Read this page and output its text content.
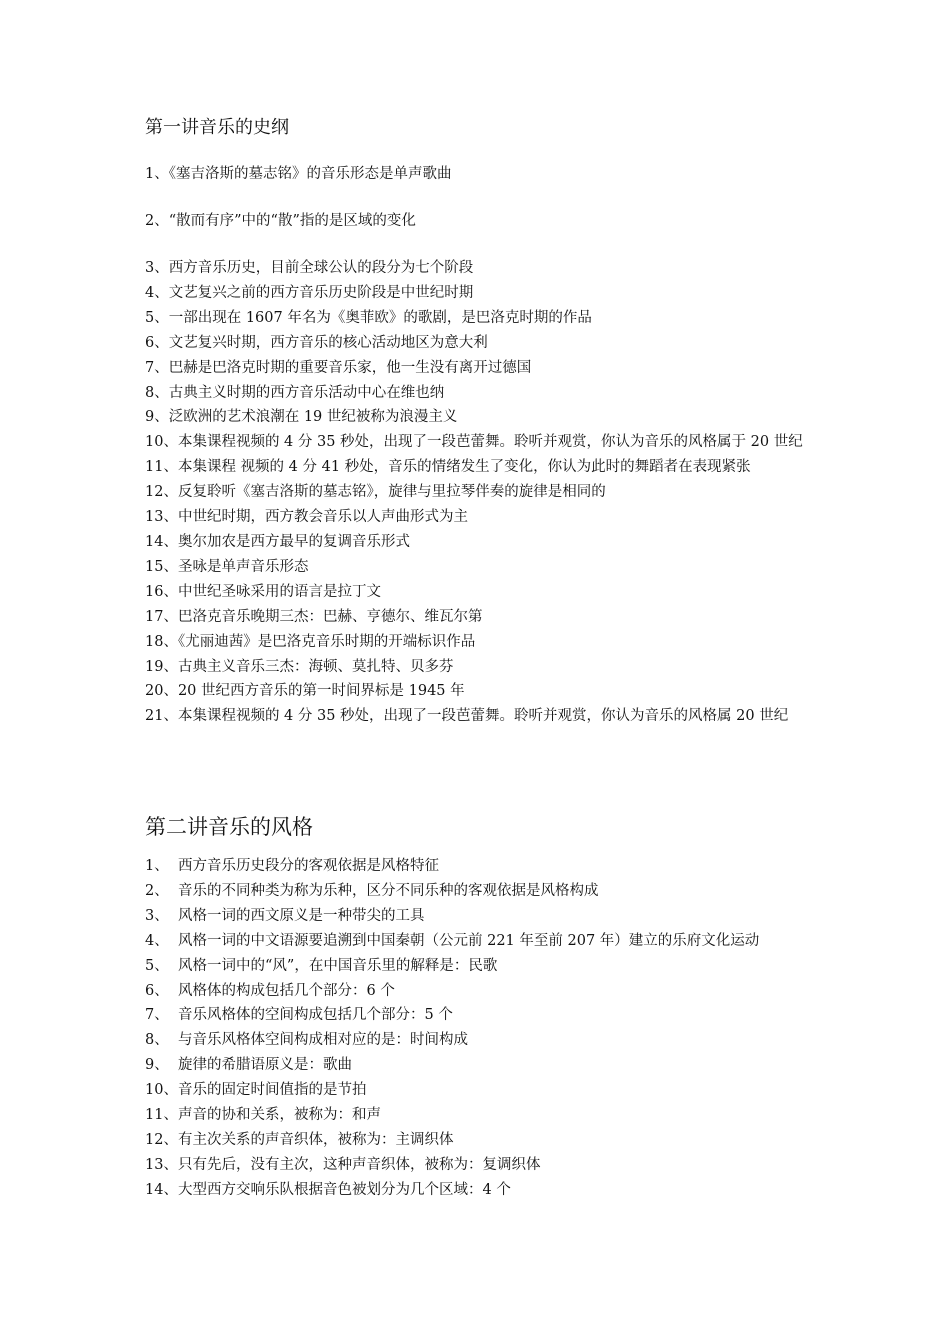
第一讲音乐的史纲
1、《塞吉洛斯的墓志铭》的音乐形态是单声歌曲
2、“散而有序”中的“散”指的是区域的变化
3、西方音乐历史，目前全球公认的段分为七个阶段
4、文艺复兴之前的西方音乐历史阶段是中世纪时期
5、一部出现在 1607 年名为《奥菲欧》的歌剧，是巴洛克时期的作品
6、文艺复兴时期，西方音乐的核心活动地区为意大利
7、巴赫是巴洛克时期的重要音乐家，他一生没有离开过德国
8、古典主义时期的西方音乐活动中心在维也纳
9、泛欧洲的艺术浪潮在 19 世纪被称为浪漫主义
10、本集课程视频的 4 分 35 秒处，出现了一段芭蕾舞。聆听并观赏，你认为音乐的风格属于 20 世纪
11、本集课程 视频的 4 分 41 秒处，音乐的情绪发生了变化，你认为此时的舞蹈者在表现紧张
12、反复聆听《塞吉洛斯的墓志铭》，旋律与里拉琴伴奏的旋律是相同的
13、中世纪时期，西方教会音乐以人声曲形式为主
14、奥尔加农是西方最早的复调音乐形式
15、圣咏是单声音乐形态
16、中世纪圣咏采用的语言是拉丁文
17、巴洛克音乐晚期三杰：巴赫、亨德尔、维瓦尔第
18、《尤丽迪茜》是巴洛克音乐时期的开端标识作品
19、古典主义音乐三杰：海顿、莫扎特、贝多芬
20、20 世纪西方音乐的第一时间界标是 1945 年
21、本集课程视频的 4 分 35 秒处，出现了一段芭蕾舞。聆听并观赏，你认为音乐的风格属 20 世纪
第二讲音乐的风格
1、 西方音乐历史段分的客观依据是风格特征
2、 音乐的不同种类为称为乐种，区分不同乐种的客观依据是风格构成
3、 风格一词的西文原义是一种带尖的工具
4、 风格一词的中文语源要追溯到中国秦朝（公元前 221 年至前 207 年）建立的乐府文化运动
5、 风格一词中的“风”，在中国音乐里的解释是：民歌
6、 风格体的构成包括几个部分：6 个
7、 音乐风格体的空间构成包括几个部分：5 个
8、 与音乐风格体空间构成相对应的是：时间构成
9、 旋律的希腊语原义是：歌曲
10、 音乐的固定时间值指的是节拍
11、 声音的协和关系，被称为：和声
12、 有主次关系的声音织体，被称为：主调织体
13、 只有先后，没有主次，这种声音织体，被称为：复调织体
14、 大型西方交响乐队根据音色被划分为几个区域：4 个
